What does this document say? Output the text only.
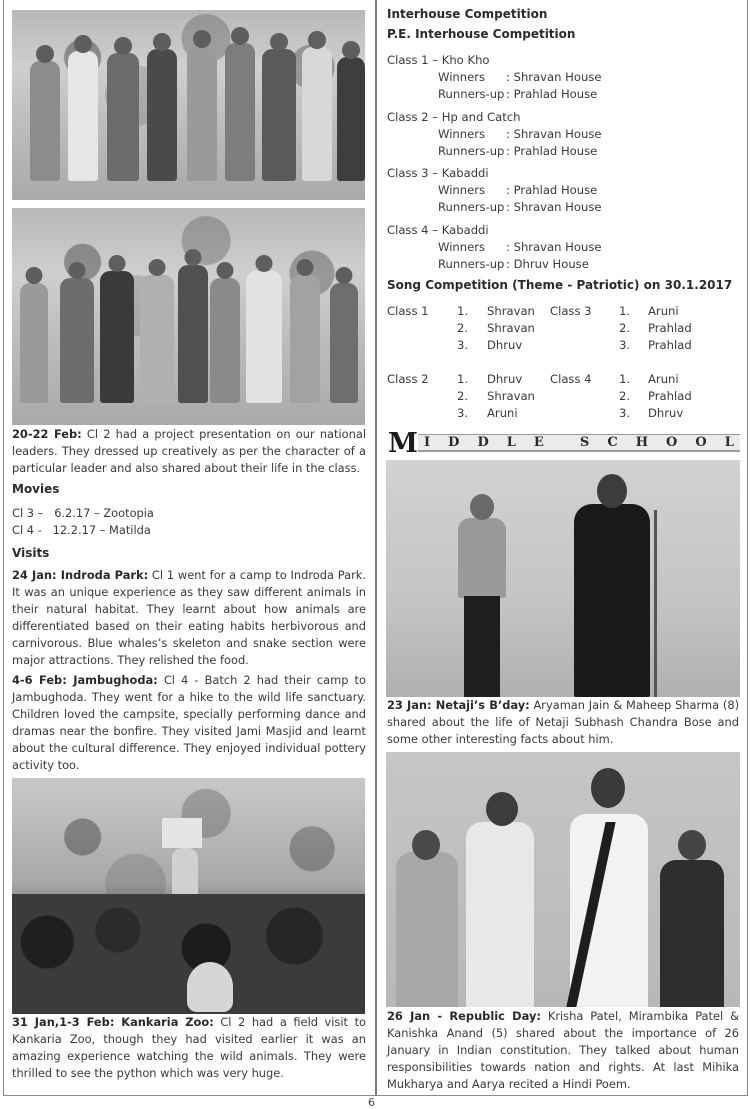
20-22 Feb: Cl 2 had a project presentation on our national leaders. They dressed up creatively as per the character of a particular leader and also shared about their life in the class.
Movies
Cl 3 – 6.2.17 – Zootopia
Cl 4 - 12.2.17 – Matilda
Visits
24 Jan: Indroda Park: Cl 1 went for a camp to Indroda Park. It was an unique experience as they saw different animals in their natural habitat. They learnt about how animals are differentiated based on their eating habits herbivorous and carnivorous. Blue whales’s skeleton and snake section were major attractions. They relished the food.
4-6 Feb: Jambughoda: Cl 4 - Batch 2 had their camp to Jambughoda. They went for a hike to the wild life sanctuary. Children loved the campsite, specially performing dance and dramas near the bonfire. They visited Jami Masjid and learnt about the cultural difference. They enjoyed individual pottery activity too.
31 Jan,1-3 Feb: Kankaria Zoo: Cl 2 had a field visit to Kankaria Zoo, though they had visited earlier it was an amazing experience watching the wild animals. They were thrilled to see the python which was very huge.
Interhouse Competition
P.E. Interhouse Competition
Class 1 – Kho Kho
Winners : Shravan House
Runners-up : Prahlad House
Class 2 – Hp and Catch
Winners : Shravan House
Runners-up : Prahlad House
Class 3 – Kabaddi
Winners : Prahlad House
Runners-up : Shravan House
Class 4 – Kabaddi
Winners : Shravan House
Runners-up : Dhruv House
Song Competition (Theme - Patriotic) on 30.1.2017
Class 1 1. Shravan
2. Shravan
3. Dhruv
Class 3 1. Aruni
2. Prahlad
3. Prahlad
Class 2 1. Dhruv
2. Shravan
3. Aruni
Class 4 1. Aruni
2. Prahlad
3. Dhruv
M I D D L E	S C H O O L
23 Jan: Netaji’s B’day: Aryaman Jain & Maheep Sharma (8) shared about the life of Netaji Subhash Chandra Bose and some other interesting facts about him.
26 Jan - Republic Day: Krisha Patel, Mirambika Patel & Kanishka Anand (5) shared about the importance of 26 January in Indian constitution. They talked about human responsibilities towards nation and rights. At last Mihika Mukharya and Aarya recited a Hindi Poem.
6
